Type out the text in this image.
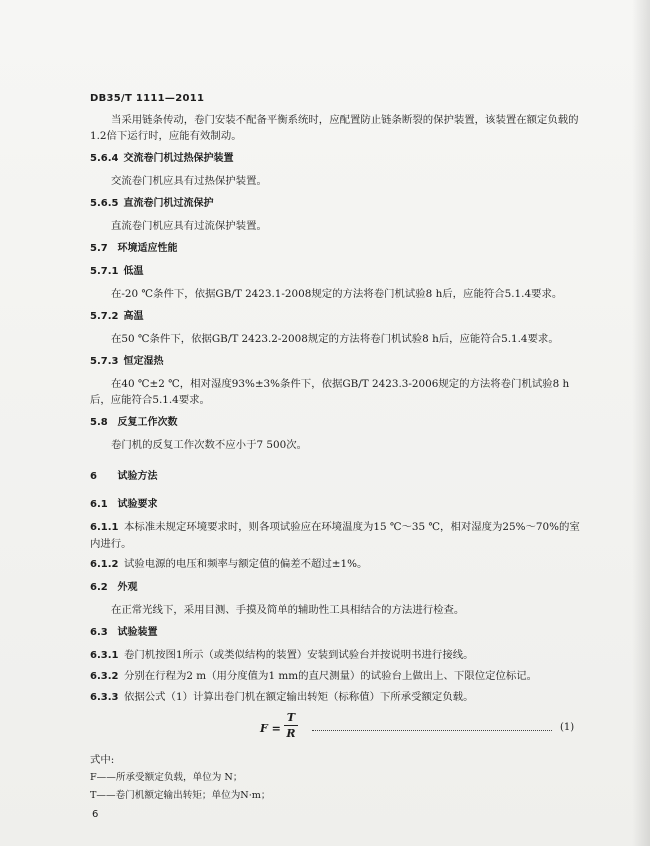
DB35/T 1111—2011

当采用链条传动，卷门安装不配备平衡系统时，应配置防止链条断裂的保护装置，该装置在额定负载的1.2倍下运行时，应能有效制动。

5.6.4 交流卷门机过热保护装置

交流卷门机应具有过热保护装置。

5.6.5 直流卷门机过流保护

直流卷门机应具有过流保护装置。

5.7 环境适应性能
5.7.1 低温

在-20 ℃条件下，依据GB/T 2423.1-2008规定的方法将卷门机试验8 h后，应能符合5.1.4要求。

5.7.2 高温

在50 ℃条件下，依据GB/T 2423.2-2008规定的方法将卷门机试验8 h后，应能符合5.1.4要求。

5.7.3 恒定湿热

在40 ℃±2 ℃，相对湿度93%±3%条件下，依据GB/T 2423.3-2006规定的方法将卷门机试验8 h后，应能符合5.1.4要求。

5.8 反复工作次数

卷门机的反复工作次数不应小于7 500次。

6 试验方法
6.1 试验要求

6.1.1 本标准未规定环境要求时，则各项试验应在环境温度为15 ℃～35 ℃，相对湿度为25%～70%的室内进行。

6.1.2 试验电源的电压和频率与额定值的偏差不超过±1%。

6.2 外观

在正常光线下，采用目测、手摸及简单的辅助性工具相结合的方法进行检查。

6.3 试验装置

6.3.1 卷门机按图1所示（或类似结构的装置）安装到试验台并按说明书进行接线。

6.3.2 分别在行程为2 m（用分度值为1 mm的直尺测量）的试验台上做出上、下限位定位标记。

6.3.3 依据公式（1）计算出卷门机在额定输出转矩（标称值）下所承受额定负载。

$F = \frac{T}{R}$	(1)

式中:

F——所承受额定负载，单位为 N；

T——卷门机额定输出转矩；单位为N·m；

6
